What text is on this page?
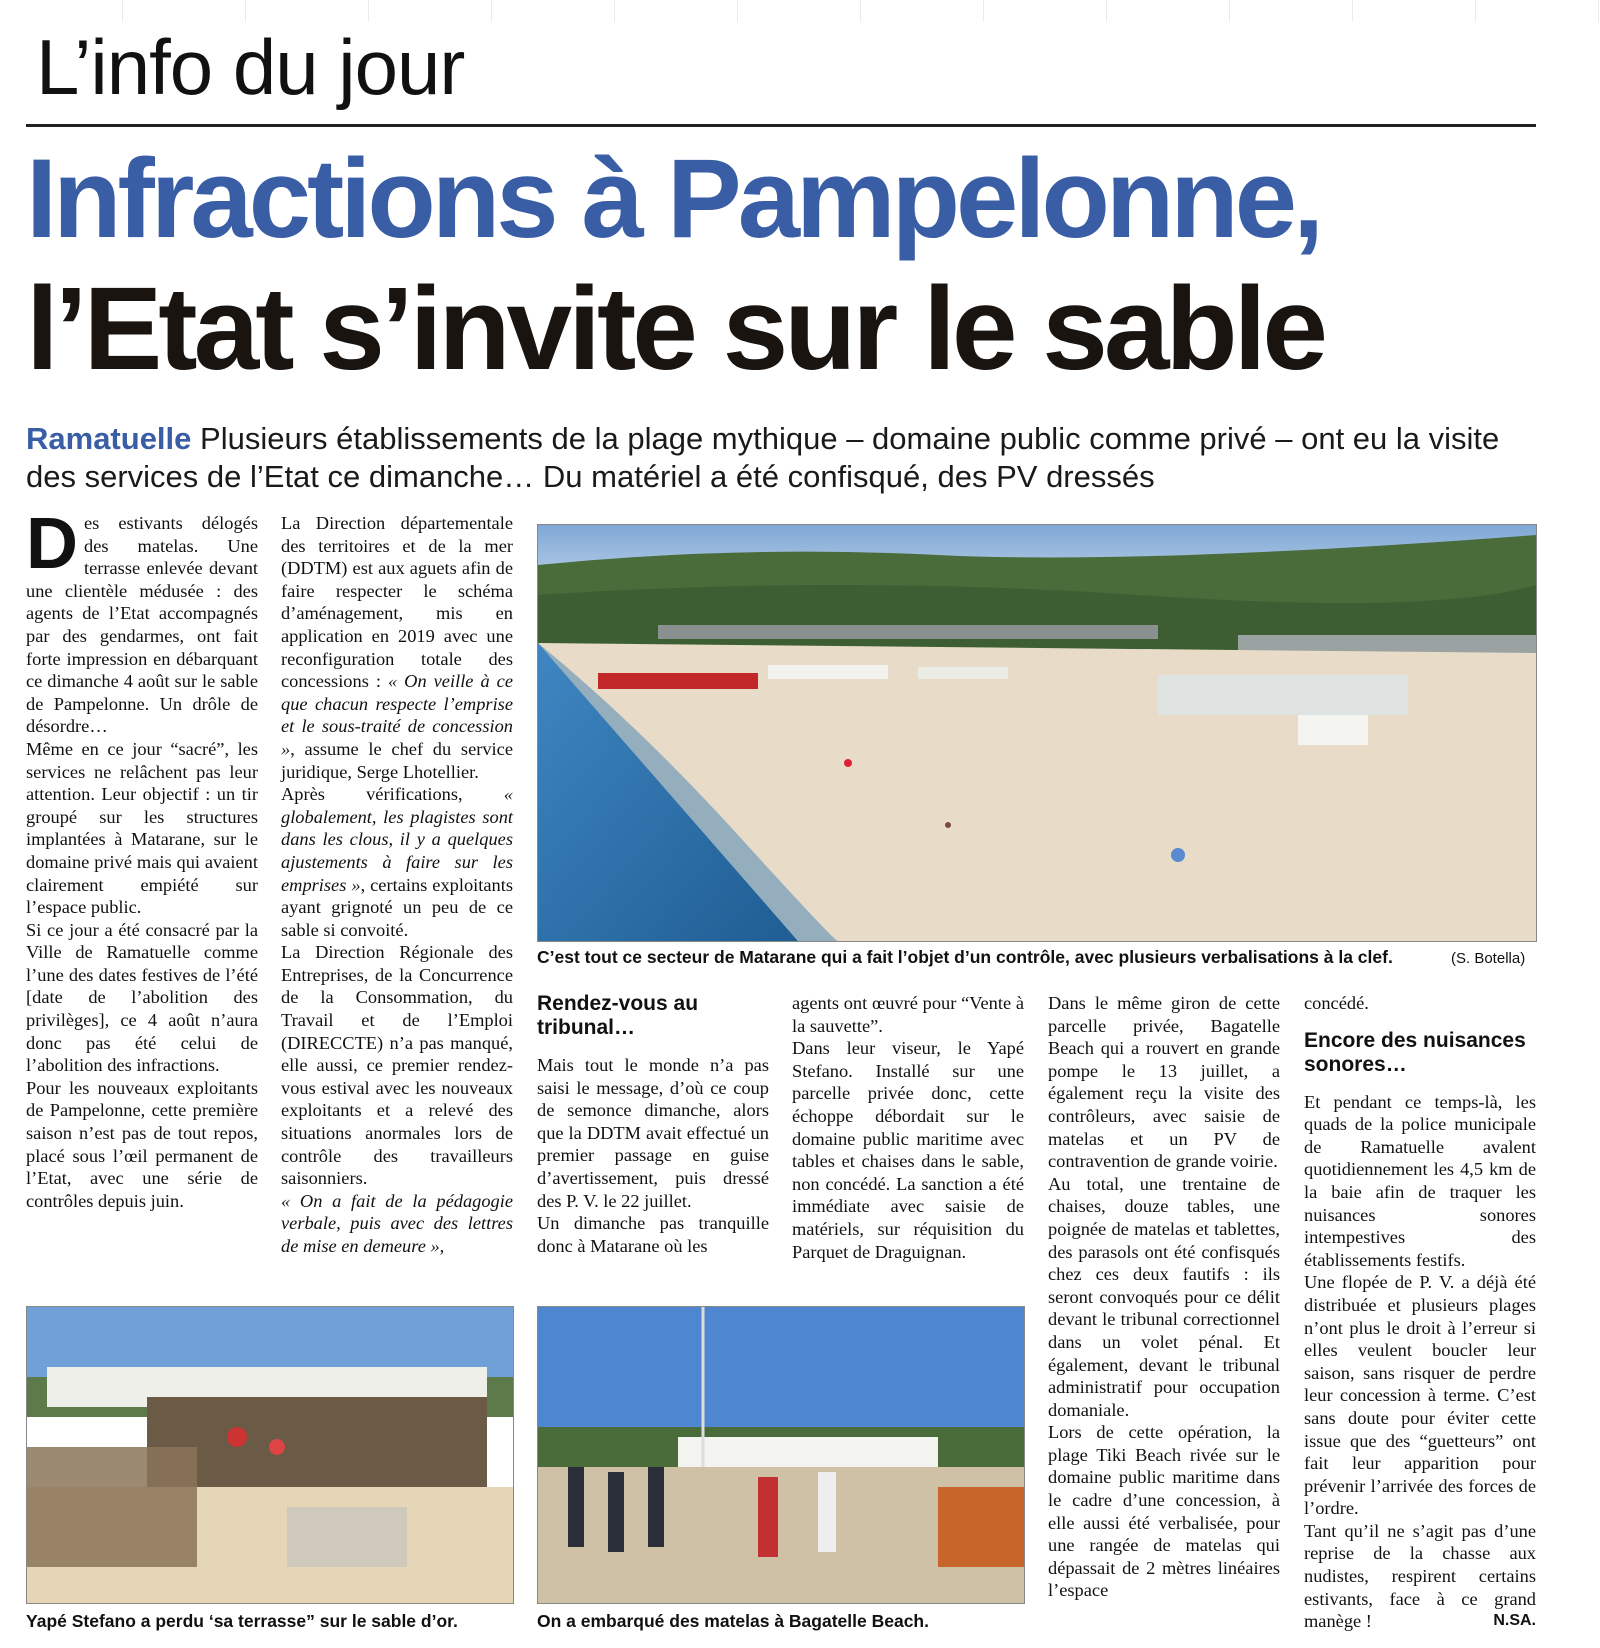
L’info du jour
Infractions à Pampelonne,
l’Etat s’invite sur le sable
Ramatuelle Plusieurs établissements de la plage mythique – domaine public comme privé – ont eu la visite des services de l’Etat ce dimanche… Du matériel a été confisqué, des PV dressés

Des estivants délogés des matelas. Une terrasse enlevée devant une clientèle médusée : des agents de l’Etat accompagnés par des gendarmes, ont fait forte impression en débarquant ce dimanche 4 août sur le sable de Pampelonne. Un drôle de désordre…

Même en ce jour “sacré”, les services ne relâchent pas leur attention. Leur objectif : un tir groupé sur les structures implantées à Matarane, sur le domaine privé mais qui avaient clairement empiété sur l’espace public.

Si ce jour a été consacré par la Ville de Ramatuelle comme l’une des dates festives de l’été [date de l’abolition des privilèges], ce 4 août n’aura donc pas été celui de l’abolition des infractions.

Pour les nouveaux exploitants de Pampelonne, cette première saison n’est pas de tout repos, placé sous l’œil permanent de l’Etat, avec une série de contrôles depuis juin.

La Direction départementale des territoires et de la mer (DDTM) est aux aguets afin de faire respecter le schéma d’aménagement, mis en application en 2019 avec une reconfiguration totale des concessions : « On veille à ce que chacun respecte l’emprise et le sous-traité de concession », assume le chef du service juridique, Serge Lhotellier.

Après vérifications, « globalement, les plagistes sont dans les clous, il y a quelques ajustements à faire sur les emprises », certains exploitants ayant grignoté un peu de ce sable si convoité.

La Direction Régionale des Entreprises, de la Concurrence de la Consommation, du Travail et de l’Emploi (DIRECCTE) n’a pas manqué, elle aussi, ce premier rendez-vous estival avec les nouveaux exploitants et a relevé des situations anormales lors de contrôle des travailleurs saisonniers.

« On a fait de la pédagogie verbale, puis avec des lettres de mise en demeure »,

C’est tout ce secteur de Matarane qui a fait l’objet d’un contrôle, avec plusieurs verbalisations à la clef.	(S. Botella)
Rendez-vous au tribunal…

Mais tout le monde n’a pas saisi le message, d’où ce coup de semonce dimanche, alors que la DDTM avait effectué un premier passage en guise d’avertissement, puis dressé des P. V. le 22 juillet.

Un dimanche pas tranquille donc à Matarane où les

agents ont œuvré pour “Vente à la sauvette”.

Dans leur viseur, le Yapé Stefano. Installé sur une parcelle privée donc, cette échoppe débordait sur le domaine public maritime avec tables et chaises dans le sable, non concédé. La sanction a été immédiate avec saisie de matériels, sur réquisition du Parquet de Draguignan.

Dans le même giron de cette parcelle privée, Bagatelle Beach qui a rouvert en grande pompe le 13 juillet, a également reçu la visite des contrôleurs, avec saisie de matelas et un PV de contravention de grande voirie.

Au total, une trentaine de chaises, douze tables, une poignée de matelas et tablettes, des parasols ont été confisqués chez ces deux fautifs : ils seront convoqués pour ce délit devant le tribunal correctionnel dans un volet pénal. Et également, devant le tribunal administratif pour occupation domaniale.

Lors de cette opération, la plage Tiki Beach rivée sur le domaine public maritime dans le cadre d’une concession, à elle aussi été verbalisée, pour une rangée de matelas qui dépassait de 2 mètres linéaires l’espace

concédé.

Encore des nuisances sonores…

Et pendant ce temps-là, les quads de la police municipale de Ramatuelle avalent quotidiennement les 4,5 km de la baie afin de traquer les nuisances sonores intempestives des établissements festifs.

Une flopée de P. V. a déjà été distribuée et plusieurs plages n’ont plus le droit à l’erreur si elles veulent boucler leur saison, sans risquer de perdre leur concession à terme. C’est sans doute pour éviter cette issue que des “guetteurs” ont fait leur apparition pour prévenir l’arrivée des forces de l’ordre.

Tant qu’il ne s’agit pas d’une reprise de la chasse aux nudistes, respirent certains estivants, face à ce grand manège !	N.SA.

Yapé Stefano a perdu ‘sa terrasse” sur le sable d’or.	On a embarqué des matelas à Bagatelle Beach.
